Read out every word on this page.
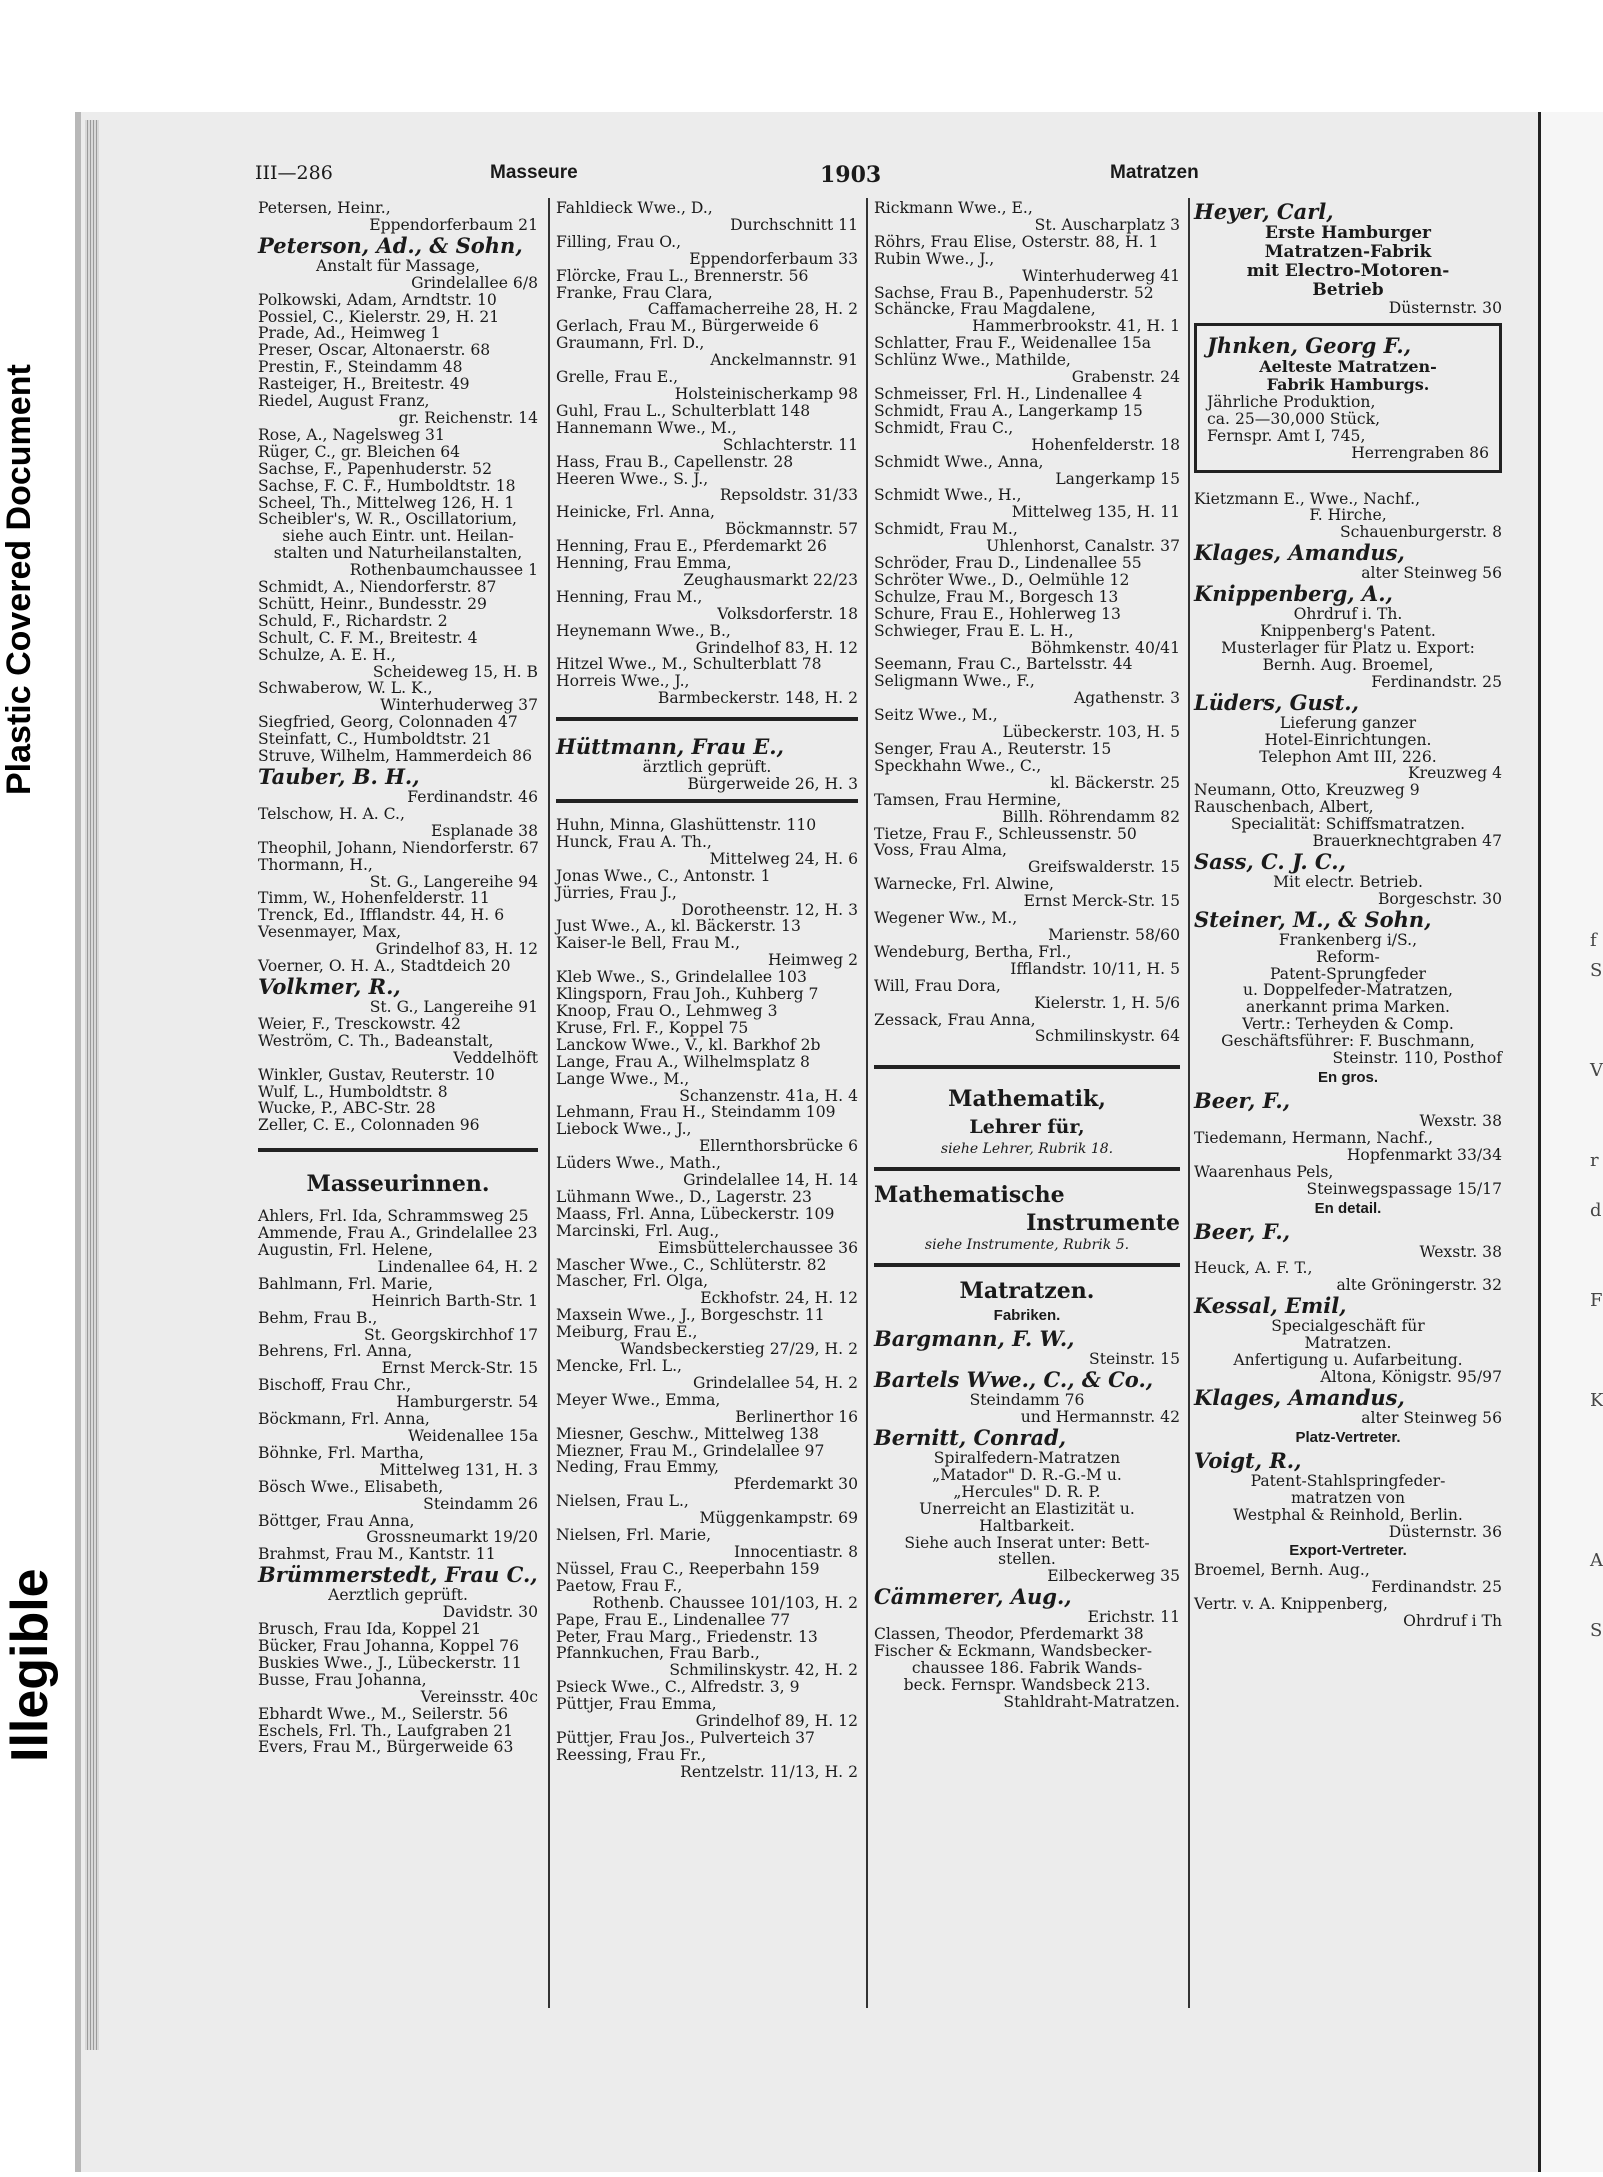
Plastic Covered Document
Illegible
f
S
V
r
d
F
K
A
S
III—286	Masseure	1903	Matratzen
Petersen, Heinr.,
Eppendorferbaum 21
Peterson, Ad., & Sohn,
Anstalt für Massage,
Grindelallee 6/8
Polkowski, Adam, Arndtstr. 10
Possiel, C., Kielerstr. 29, H. 21
Prade, Ad., Heimweg 1
Preser, Oscar, Altonaerstr. 68
Prestin, F., Steindamm 48
Rasteiger, H., Breitestr. 49
Riedel, August Franz,
gr. Reichenstr. 14
Rose, A., Nagelsweg 31
Rüger, C., gr. Bleichen 64
Sachse, F., Papenhuderstr. 52
Sachse, F. C. F., Humboldtstr. 18
Scheel, Th., Mittelweg 126, H. 1
Scheibler's, W. R., Oscillatorium,
siehe auch Eintr. unt. Heilan-
stalten und Naturheilanstalten,
Rothenbaumchaussee 1
Schmidt, A., Niendorferstr. 87
Schütt, Heinr., Bundesstr. 29
Schuld, F., Richardstr. 2
Schult, C. F. M., Breitestr. 4
Schulze, A. E. H.,
Scheideweg 15, H. B
Schwaberow, W. L. K.,
Winterhuderweg 37
Siegfried, Georg, Colonnaden 47
Steinfatt, C., Humboldtstr. 21
Struve, Wilhelm, Hammerdeich 86
Tauber, B. H.,
Ferdinandstr. 46
Telschow, H. A. C.,
Esplanade 38
Theophil, Johann, Niendorferstr. 67
Thormann, H.,
St. G., Langereihe 94
Timm, W., Hohenfelderstr. 11
Trenck, Ed., Ifflandstr. 44, H. 6
Vesenmayer, Max,
Grindelhof 83, H. 12
Voerner, O. H. A., Stadtdeich 20
Volkmer, R.,
St. G., Langereihe 91
Weier, F., Tresckowstr. 42
Weström, C. Th., Badeanstalt,
Veddelhöft
Winkler, Gustav, Reuterstr. 10
Wulf, L., Humboldtstr. 8
Wucke, P., ABC-Str. 28
Zeller, C. E., Colonnaden 96
Masseurinnen.
Ahlers, Frl. Ida, Schrammsweg 25
Ammende, Frau A., Grindelallee 23
Augustin, Frl. Helene,
Lindenallee 64, H. 2
Bahlmann, Frl. Marie,
Heinrich Barth-Str. 1
Behm, Frau B.,
St. Georgskirchhof 17
Behrens, Frl. Anna,
Ernst Merck-Str. 15
Bischoff, Frau Chr.,
Hamburgerstr. 54
Böckmann, Frl. Anna,
Weidenallee 15a
Böhnke, Frl. Martha,
Mittelweg 131, H. 3
Bösch Wwe., Elisabeth,
Steindamm 26
Böttger, Frau Anna,
Grossneumarkt 19/20
Brahmst, Frau M., Kantstr. 11
Brümmerstedt, Frau C.,
Aerztlich geprüft.
Davidstr. 30
Brusch, Frau Ida, Koppel 21
Bücker, Frau Johanna, Koppel 76
Buskies Wwe., J., Lübeckerstr. 11
Busse, Frau Johanna,
Vereinsstr. 40c
Ebhardt Wwe., M., Seilerstr. 56
Eschels, Frl. Th., Laufgraben 21
Evers, Frau M., Bürgerweide 63
Fahldieck Wwe., D.,
Durchschnitt 11
Filling, Frau O.,
Eppendorferbaum 33
Flörcke, Frau L., Brennerstr. 56
Franke, Frau Clara,
Caffamacherreihe 28, H. 2
Gerlach, Frau M., Bürgerweide 6
Graumann, Frl. D.,
Anckelmannstr. 91
Grelle, Frau E.,
Holsteinischerkamp 98
Guhl, Frau L., Schulterblatt 148
Hannemann Wwe., M.,
Schlachterstr. 11
Hass, Frau B., Capellenstr. 28
Heeren Wwe., S. J.,
Repsoldstr. 31/33
Heinicke, Frl. Anna,
Böckmannstr. 57
Henning, Frau E., Pferdemarkt 26
Henning, Frau Emma,
Zeughausmarkt 22/23
Henning, Frau M.,
Volksdorferstr. 18
Heynemann Wwe., B.,
Grindelhof 83, H. 12
Hitzel Wwe., M., Schulterblatt 78
Horreis Wwe., J.,
Barmbeckerstr. 148, H. 2
Hüttmann, Frau E.,
ärztlich geprüft.
Bürgerweide 26, H. 3
Huhn, Minna, Glashüttenstr. 110
Hunck, Frau A. Th.,
Mittelweg 24, H. 6
Jonas Wwe., C., Antonstr. 1
Jürries, Frau J.,
Dorotheenstr. 12, H. 3
Just Wwe., A., kl. Bäckerstr. 13
Kaiser-le Bell, Frau M.,
Heimweg 2
Kleb Wwe., S., Grindelallee 103
Klingsporn, Frau Joh., Kuhberg 7
Knoop, Frau O., Lehmweg 3
Kruse, Frl. F., Koppel 75
Lanckow Wwe., V., kl. Barkhof 2b
Lange, Frau A., Wilhelmsplatz 8
Lange Wwe., M.,
Schanzenstr. 41a, H. 4
Lehmann, Frau H., Steindamm 109
Liebock Wwe., J.,
Ellernthorsbrücke 6
Lüders Wwe., Math.,
Grindelallee 14, H. 14
Lühmann Wwe., D., Lagerstr. 23
Maass, Frl. Anna, Lübeckerstr. 109
Marcinski, Frl. Aug.,
Eimsbüttelerchaussee 36
Mascher Wwe., C., Schlüterstr. 82
Mascher, Frl. Olga,
Eckhofstr. 24, H. 12
Maxsein Wwe., J., Borgeschstr. 11
Meiburg, Frau E.,
Wandsbeckerstieg 27/29, H. 2
Mencke, Frl. L.,
Grindelallee 54, H. 2
Meyer Wwe., Emma,
Berlinerthor 16
Miesner, Geschw., Mittelweg 138
Miezner, Frau M., Grindelallee 97
Neding, Frau Emmy,
Pferdemarkt 30
Nielsen, Frau L.,
Müggenkampstr. 69
Nielsen, Frl. Marie,
Innocentiastr. 8
Nüssel, Frau C., Reeperbahn 159
Paetow, Frau F.,
Rothenb. Chaussee 101/103, H. 2
Pape, Frau E., Lindenallee 77
Peter, Frau Marg., Friedenstr. 13
Pfannkuchen, Frau Barb.,
Schmilinskystr. 42, H. 2
Psieck Wwe., C., Alfredstr. 3, 9
Püttjer, Frau Emma,
Grindelhof 89, H. 12
Püttjer, Frau Jos., Pulverteich 37
Reessing, Frau Fr.,
Rentzelstr. 11/13, H. 2
Rickmann Wwe., E.,
St. Auscharplatz 3
Röhrs, Frau Elise, Osterstr. 88, H. 1
Rubin Wwe., J.,
Winterhuderweg 41
Sachse, Frau B., Papenhuderstr. 52
Schäncke, Frau Magdalene,
Hammerbrookstr. 41, H. 1
Schlatter, Frau F., Weidenallee 15a
Schlünz Wwe., Mathilde,
Grabenstr. 24
Schmeisser, Frl. H., Lindenallee 4
Schmidt, Frau A., Langerkamp 15
Schmidt, Frau C.,
Hohenfelderstr. 18
Schmidt Wwe., Anna,
Langerkamp 15
Schmidt Wwe., H.,
Mittelweg 135, H. 11
Schmidt, Frau M.,
Uhlenhorst, Canalstr. 37
Schröder, Frau D., Lindenallee 55
Schröter Wwe., D., Oelmühle 12
Schulze, Frau M., Borgesch 13
Schure, Frau E., Hohlerweg 13
Schwieger, Frau E. L. H.,
Böhmkenstr. 40/41
Seemann, Frau C., Bartelsstr. 44
Seligmann Wwe., F.,
Agathenstr. 3
Seitz Wwe., M.,
Lübeckerstr. 103, H. 5
Senger, Frau A., Reuterstr. 15
Speckhahn Wwe., C.,
kl. Bäckerstr. 25
Tamsen, Frau Hermine,
Billh. Röhrendamm 82
Tietze, Frau F., Schleussenstr. 50
Voss, Frau Alma,
Greifswalderstr. 15
Warnecke, Frl. Alwine,
Ernst Merck-Str. 15
Wegener Ww., M.,
Marienstr. 58/60
Wendeburg, Bertha, Frl.,
Ifflandstr. 10/11, H. 5
Will, Frau Dora,
Kielerstr. 1, H. 5/6
Zessack, Frau Anna,
Schmilinskystr. 64
Mathematik,
Lehrer für,
siehe Lehrer, Rubrik 18.
Mathematische
Instrumente
siehe Instrumente, Rubrik 5.
Matratzen.
Fabriken.
Bargmann, F. W.,
Steinstr. 15
Bartels Wwe., C., & Co.,
Steindamm 76
und Hermannstr. 42
Bernitt, Conrad,
Spiralfedern-Matratzen
„Matador" D. R.-G.-M u.
„Hercules" D. R. P.
Unerreicht an Elastizität u.
Haltbarkeit.
Siehe auch Inserat unter: Bett-
stellen.
Eilbeckerweg 35
Cämmerer, Aug.,
Erichstr. 11
Classen, Theodor, Pferdemarkt 38
Fischer & Eckmann, Wandsbecker-
chaussee 186. Fabrik Wands-
beck. Fernspr. Wandsbeck 213.
Stahldraht-Matratzen.
Heyer, Carl,
Erste Hamburger
Matratzen-Fabrik
mit Electro-Motoren-
Betrieb
Düsternstr. 30
Jhnken, Georg F.,
Aelteste Matratzen-
Fabrik Hamburgs.
Jährliche Produktion,
ca. 25—30,000 Stück,
Fernspr. Amt I, 745,
Herrengraben 86
Kietzmann E., Wwe., Nachf.,
F. Hirche,
Schauenburgerstr. 8
Klages, Amandus,
alter Steinweg 56
Knippenberg, A.,
Ohrdruf i. Th.
Knippenberg's Patent.
Musterlager für Platz u. Export:
Bernh. Aug. Broemel,
Ferdinandstr. 25
Lüders, Gust.,
Lieferung ganzer
Hotel-Einrichtungen.
Telephon Amt III, 226.
Kreuzweg 4
Neumann, Otto, Kreuzweg 9
Rauschenbach, Albert,
Specialität: Schiffsmatratzen.
Brauerknechtgraben 47
Sass, C. J. C.,
Mit electr. Betrieb.
Borgeschstr. 30
Steiner, M., & Sohn,
Frankenberg i/S.,
Reform-
Patent-Sprungfeder
u. Doppelfeder-Matratzen,
anerkannt prima Marken.
Vertr.: Terheyden & Comp.
Geschäftsführer: F. Buschmann,
Steinstr. 110, Posthof
En gros.
Beer, F.,
Wexstr. 38
Tiedemann, Hermann, Nachf.,
Hopfenmarkt 33/34
Waarenhaus Pels,
Steinwegspassage 15/17
En detail.
Beer, F.,
Wexstr. 38
Heuck, A. F. T.,
alte Gröningerstr. 32
Kessal, Emil,
Specialgeschäft für
Matratzen.
Anfertigung u. Aufarbeitung.
Altona, Königstr. 95/97
Klages, Amandus,
alter Steinweg 56
Platz-Vertreter.
Voigt, R.,
Patent-Stahlspringfeder-
matratzen von
Westphal & Reinhold, Berlin.
Düsternstr. 36
Export-Vertreter.
Broemel, Bernh. Aug.,
Ferdinandstr. 25
Vertr. v. A. Knippenberg,
Ohrdruf i Th
